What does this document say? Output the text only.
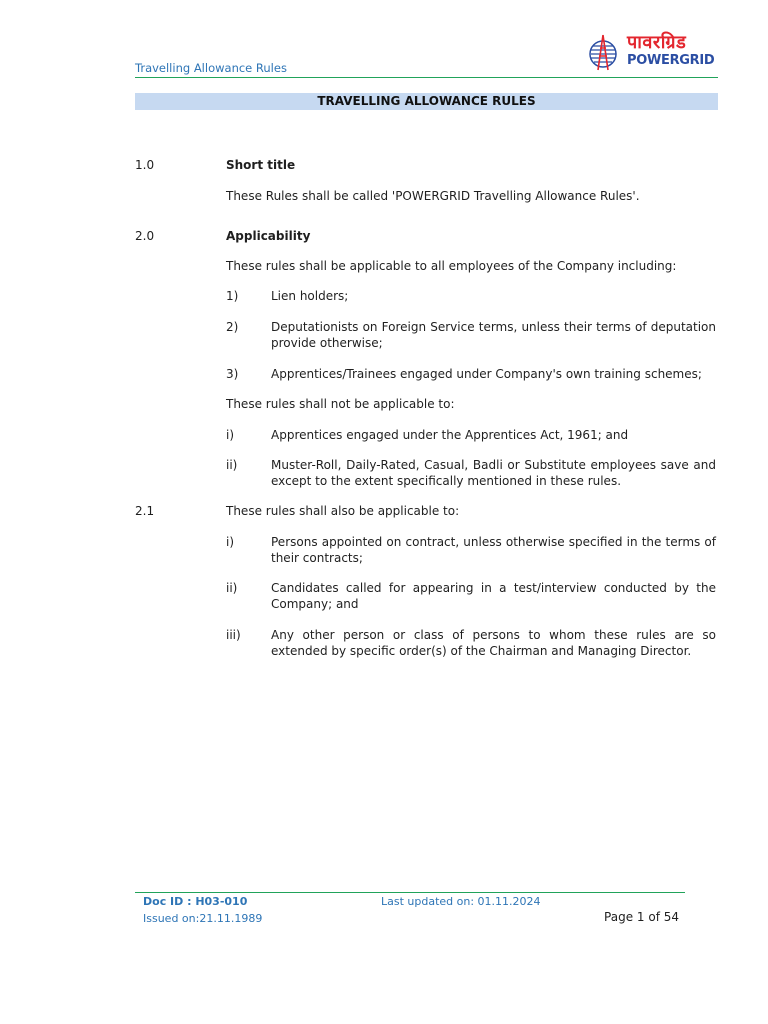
Travelling Allowance Rules
पावरग्रिड
POWERGRID
TRAVELLING ALLOWANCE RULES
1.0	Short title
These Rules shall be called 'POWERGRID Travelling Allowance Rules'.
2.0	Applicability
These rules shall be applicable to all employees of the Company including:
1)	Lien holders;
2)	Deputationists on Foreign Service terms, unless their terms of deputation provide otherwise;
3)	Apprentices/Trainees engaged under Company's own training schemes;
These rules shall not be applicable to:
i)	Apprentices engaged under the Apprentices Act, 1961; and
ii)	Muster-Roll, Daily-Rated, Casual, Badli or Substitute employees save and except to the extent specifically mentioned in these rules.
2.1	These rules shall also be applicable to:
i)	Persons appointed on contract, unless otherwise specified in the terms of their contracts;
ii)	Candidates called for appearing in a test/interview conducted by the Company; and
iii)	Any other person or class of persons to whom these rules are so extended by specific order(s) of the Chairman and Managing Director.
Doc ID : H03-010
Issued on:21.11.1989
Last updated on: 01.11.2024
Page 1 of 54
